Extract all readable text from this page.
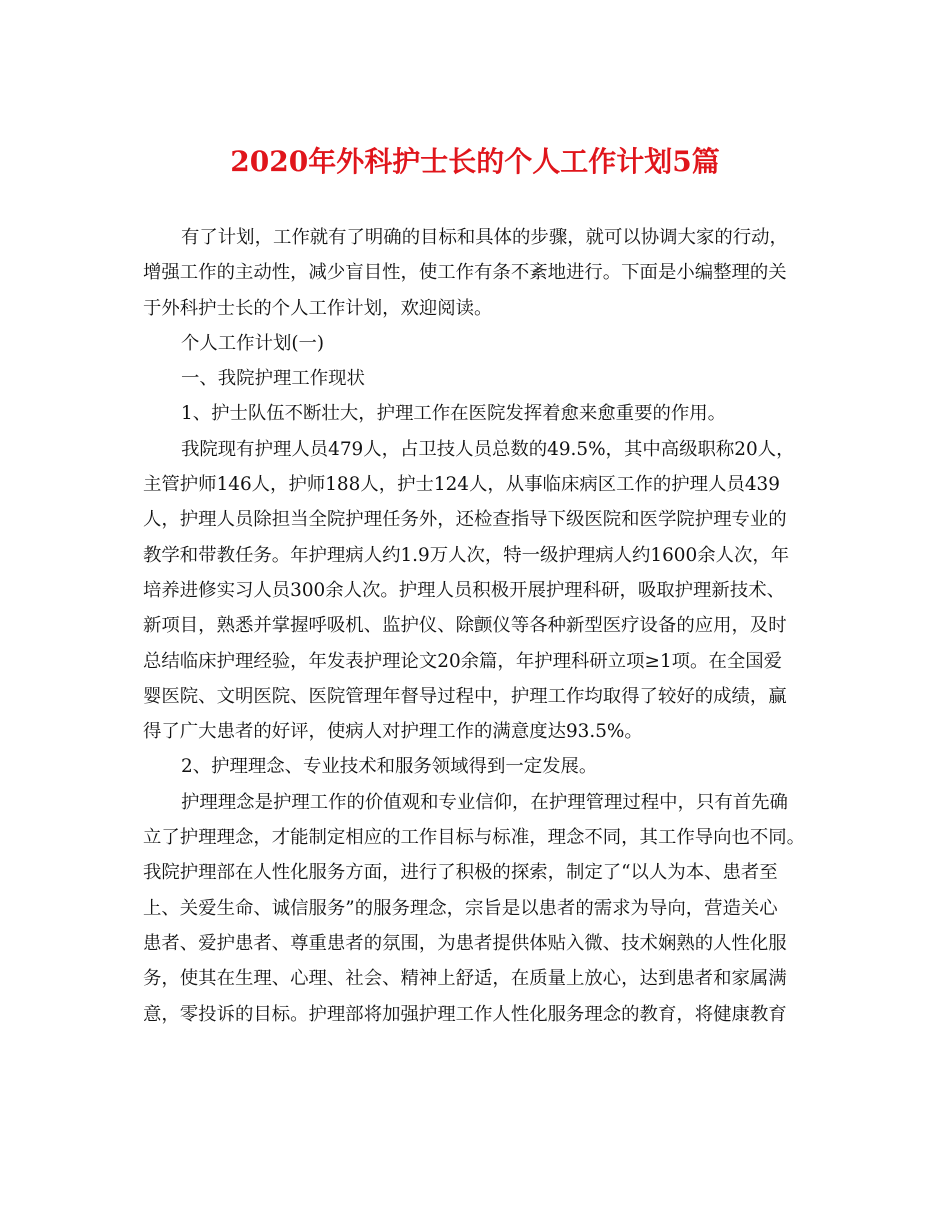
2020年外科护士长的个人工作计划5篇
有了计划，工作就有了明确的目标和具体的步骤，就可以协调大家的行动，
增强工作的主动性，减少盲目性，使工作有条不紊地进行。下面是小编整理的关
于外科护士长的个人工作计划，欢迎阅读。
个人工作计划(一)
一、我院护理工作现状
1、护士队伍不断壮大，护理工作在医院发挥着愈来愈重要的作用。
我院现有护理人员479人，占卫技人员总数的49.5%，其中高级职称20人，
主管护师146人，护师188人，护士124人，从事临床病区工作的护理人员439
人，护理人员除担当全院护理任务外，还检查指导下级医院和医学院护理专业的
教学和带教任务。年护理病人约1.9万人次，特一级护理病人约1600余人次，年
培养进修实习人员300余人次。护理人员积极开展护理科研，吸取护理新技术、
新项目，熟悉并掌握呼吸机、监护仪、除颤仪等各种新型医疗设备的应用，及时
总结临床护理经验，年发表护理论文20余篇，年护理科研立项≥1项。在全国爱
婴医院、文明医院、医院管理年督导过程中，护理工作均取得了较好的成绩，赢
得了广大患者的好评，使病人对护理工作的满意度达93.5%。
2、护理理念、专业技术和服务领域得到一定发展。
护理理念是护理工作的价值观和专业信仰，在护理管理过程中，只有首先确
立了护理理念，才能制定相应的工作目标与标准，理念不同，其工作导向也不同。
我院护理部在人性化服务方面，进行了积极的探索，制定了“以人为本、患者至
上、关爱生命、诚信服务”的服务理念，宗旨是以患者的需求为导向，营造关心
患者、爱护患者、尊重患者的氛围，为患者提供体贴入微、技术娴熟的人性化服
务，使其在生理、心理、社会、精神上舒适，在质量上放心，达到患者和家属满
意，零投诉的目标。护理部将加强护理工作人性化服务理念的教育，将健康教育
